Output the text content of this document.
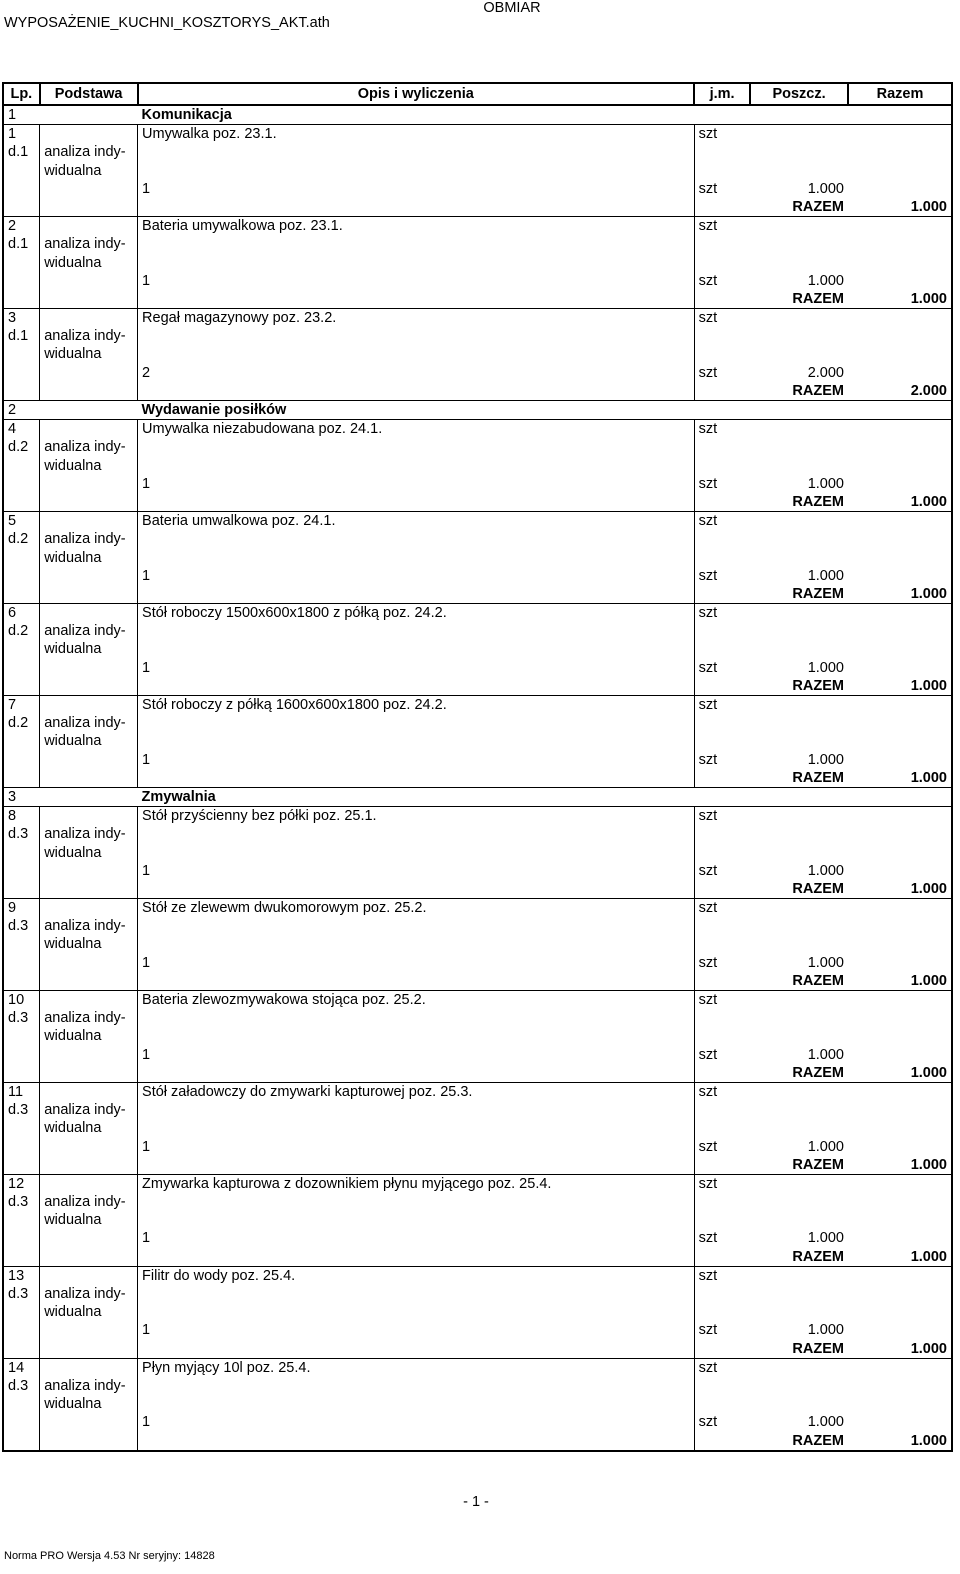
WYPOSAŻENIE_KUCHNI_KOSZTORYS_AKT.ath
OBMIAR
Lp.	Podstawa	Opis i wyliczenia	j.m.	Poszcz.	Razem
1		Komunikacja			
1		Umywalka poz. 23.1.	szt		
d.1	analiza indy-				
	widualna				
		1	szt	1.000	
				RAZEM	1.000
2		Bateria umywalkowa poz. 23.1.	szt		
d.1	analiza indy-				
	widualna				
		1	szt	1.000	
				RAZEM	1.000
3		Regał magazynowy poz. 23.2.	szt		
d.1	analiza indy-				
	widualna				
		2	szt	2.000	
				RAZEM	2.000
2		Wydawanie posiłków			
4		Umywalka niezabudowana poz. 24.1.	szt		
d.2	analiza indy-				
	widualna				
		1	szt	1.000	
				RAZEM	1.000
5		Bateria umwalkowa poz. 24.1.	szt		
d.2	analiza indy-				
	widualna				
		1	szt	1.000	
				RAZEM	1.000
6		Stół roboczy 1500x600x1800 z półką poz. 24.2.	szt		
d.2	analiza indy-				
	widualna				
		1	szt	1.000	
				RAZEM	1.000
7		Stół roboczy z półką 1600x600x1800 poz. 24.2.	szt		
d.2	analiza indy-				
	widualna				
		1	szt	1.000	
				RAZEM	1.000
3		Zmywalnia			
8		Stół przyścienny bez półki poz. 25.1.	szt		
d.3	analiza indy-				
	widualna				
		1	szt	1.000	
				RAZEM	1.000
9		Stół ze zlewewm dwukomorowym poz. 25.2.	szt		
d.3	analiza indy-				
	widualna				
		1	szt	1.000	
				RAZEM	1.000
10		Bateria zlewozmywakowa stojąca poz. 25.2.	szt		
d.3	analiza indy-				
	widualna				
		1	szt	1.000	
				RAZEM	1.000
11		Stół załadowczy do zmywarki kapturowej poz. 25.3.	szt		
d.3	analiza indy-				
	widualna				
		1	szt	1.000	
				RAZEM	1.000
12		Zmywarka kapturowa z dozownikiem płynu myjącego poz. 25.4.	szt		
d.3	analiza indy-				
	widualna				
		1	szt	1.000	
				RAZEM	1.000
13		Filitr do wody poz. 25.4.	szt		
d.3	analiza indy-				
	widualna				
		1	szt	1.000	
				RAZEM	1.000
14		Płyn myjący 10l poz. 25.4.	szt		
d.3	analiza indy-				
	widualna				
		1	szt	1.000	
				RAZEM	1.000
- 1 -
Norma PRO Wersja 4.53 Nr seryjny: 14828
